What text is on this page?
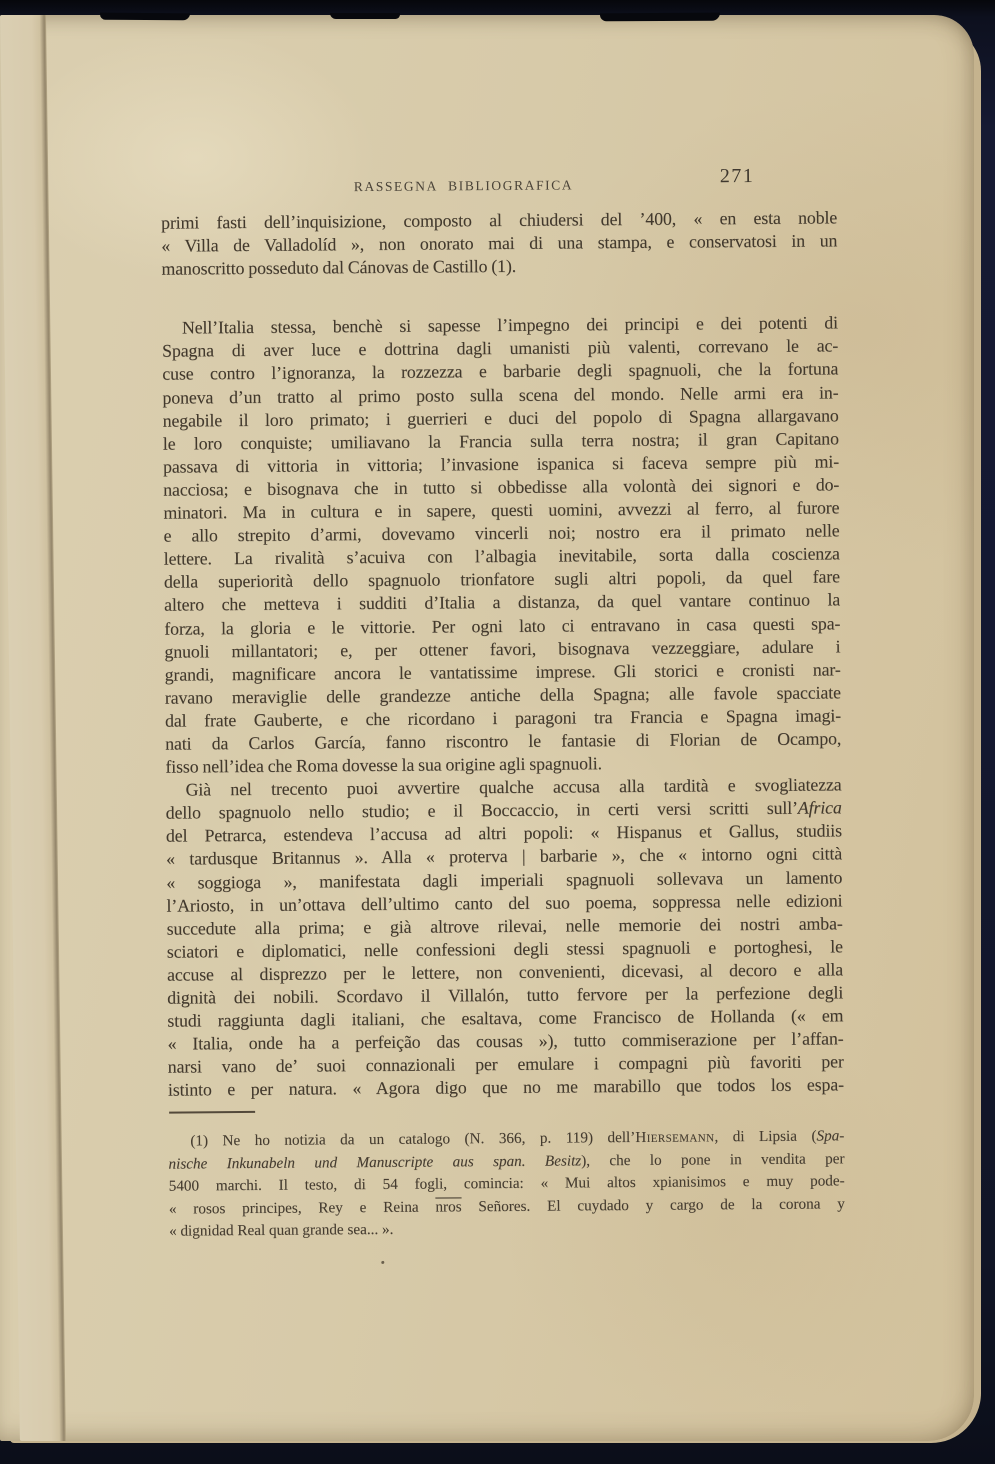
RASSEGNA BIBLIOGRAFICA	271
primi fasti dell’inquisizione, composto al chiudersi del ’400, « en esta noble
« Villa de Valladolíd », non onorato mai di una stampa, e conservatosi in un
manoscritto posseduto dal Cánovas de Castillo (1).
Nell’Italia stessa, benchè si sapesse l’impegno dei principi e dei potenti di
Spagna di aver luce e dottrina dagli umanisti più valenti, correvano le ac-
cuse contro l’ignoranza, la rozzezza e barbarie degli spagnuoli, che la fortuna
poneva d’un tratto al primo posto sulla scena del mondo. Nelle armi era in-
negabile il loro primato; i guerrieri e duci del popolo di Spagna allargavano
le loro conquiste; umiliavano la Francia sulla terra nostra; il gran Capitano
passava di vittoria in vittoria; l’invasione ispanica si faceva sempre più mi-
nacciosa; e bisognava che in tutto si obbedisse alla volontà dei signori e do-
minatori. Ma in cultura e in sapere, questi uomini, avvezzi al ferro, al furore
e allo strepito d’armi, dovevamo vincerli noi; nostro era il primato nelle
lettere. La rivalità s’acuiva con l’albagia inevitabile, sorta dalla coscienza
della superiorità dello spagnuolo trionfatore sugli altri popoli, da quel fare
altero che metteva i sudditi d’Italia a distanza, da quel vantare continuo la
forza, la gloria e le vittorie. Per ogni lato ci entravano in casa questi spa-
gnuoli millantatori; e, per ottener favori, bisognava vezzeggiare, adulare i
grandi, magnificare ancora le vantatissime imprese. Gli storici e cronisti nar-
ravano meraviglie delle grandezze antiche della Spagna; alle favole spacciate
dal frate Gauberte, e che ricordano i paragoni tra Francia e Spagna imagi-
nati da Carlos García, fanno riscontro le fantasie di Florian de Ocampo,
fisso nell’idea che Roma dovesse la sua origine agli spagnuoli.
Già nel trecento puoi avvertire qualche accusa alla tardità e svogliatezza
dello spagnuolo nello studio; e il Boccaccio, in certi versi scritti sull’Africa
del Petrarca, estendeva l’accusa ad altri popoli: « Hispanus et Gallus, studiis
« tardusque Britannus ». Alla « proterva | barbarie », che « intorno ogni città
« soggioga », manifestata dagli imperiali spagnuoli sollevava un lamento
l’Ariosto, in un’ottava dell’ultimo canto del suo poema, soppressa nelle edizioni
succedute alla prima; e già altrove rilevai, nelle memorie dei nostri amba-
sciatori e diplomatici, nelle confessioni degli stessi spagnuoli e portoghesi, le
accuse al disprezzo per le lettere, non convenienti, dicevasi, al decoro e alla
dignità dei nobili. Scordavo il Villalón, tutto fervore per la perfezione degli
studi raggiunta dagli italiani, che esaltava, come Francisco de Hollanda (« em
« Italia, onde ha a perfeição das cousas »), tutto commiserazione per l’affan-
narsi vano de’ suoi connazionali per emulare i compagni più favoriti per
istinto e per natura. « Agora digo que no me marabillo que todos los espa-
(1) Ne ho notizia da un catalogo (N. 366, p. 119) dell’Hiersemann, di Lipsia (Spa-
nische Inkunabeln und Manuscripte aus span. Besitz), che lo pone in vendita per
5400 marchi. Il testo, di 54 fogli, comincia: « Mui altos xpianisimos e muy pode-
« rosos principes, Rey e Reina nros Señores. El cuydado y cargo de la corona y
« dignidad Real quan grande sea... ».
